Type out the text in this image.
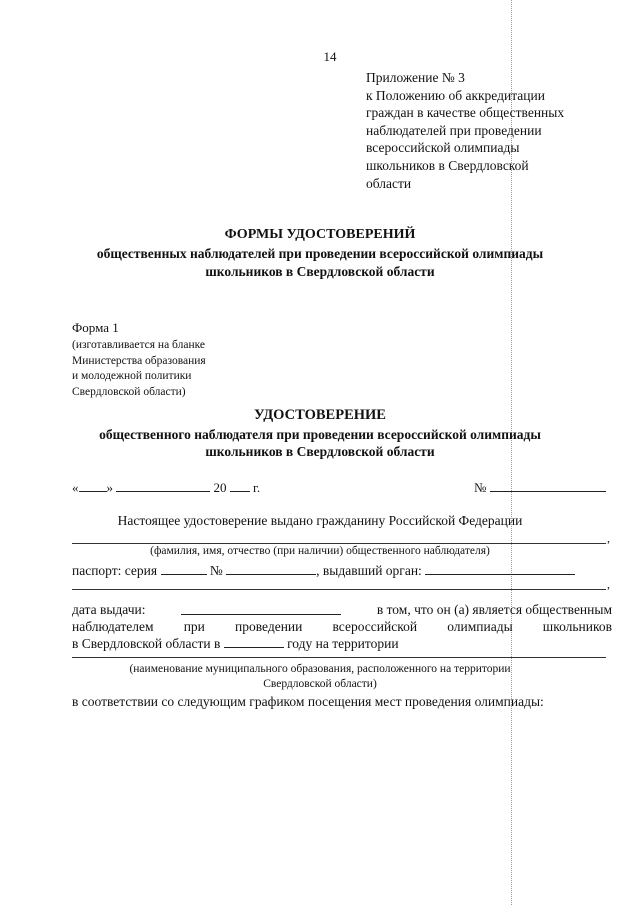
14
Приложение № 3
к Положению об аккредитации
граждан в качестве общественных
наблюдателей при проведении
всероссийской олимпиады
школьников в Свердловской
области
ФОРМЫ УДОСТОВЕРЕНИЙ
общественных наблюдателей при проведении всероссийской олимпиады
школьников в Свердловской области
Форма 1
(изготавливается на бланке
Министерства образования
и молодежной политики
Свердловской области)
УДОСТОВЕРЕНИЕ
общественного наблюдателя при проведении всероссийской олимпиады
школьников в Свердловской области
« »	20 г.	№
Настоящее удостоверение выдано гражданину Российской Федерации
,
(фамилия, имя, отчество (при наличии) общественного наблюдателя)
паспорт: серия	№	, выдавший орган:
,
дата выдачи:	в том, что он (а) является общественным
наблюдателем при проведении всероссийской олимпиады школьников
в Свердловской области в	году на территории
(наименование муниципального образования, расположенного на территории
Свердловской области)
в соответствии со следующим графиком посещения мест проведения олимпиады:
